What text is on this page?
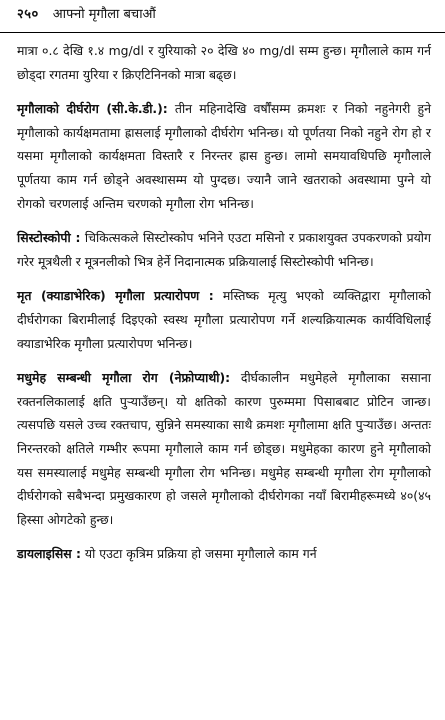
२५० आफ्नो मृगौला बचाऔं

मात्रा ०.८ देखि १.४ mg/dl र युरियाको २० देखि ४० mg/dl सम्म हुन्छ। मृगौलाले काम गर्न छोड्दा रगतमा युरिया र क्रिएटिनिनको मात्रा बढ्छ।

मृगौलाको दीर्घरोग (सी.के.डी.): तीन महिनादेखि वर्षौंसम्म क्रमशः र निको नहुनेगरी हुने मृगौलाको कार्यक्षमतामा ह्रासलाई मृगौलाको दीर्घरोग भनिन्छ। यो पूर्णतया निको नहुने रोग हो र यसमा मृगौलाको कार्यक्षमता विस्तारै र निरन्तर ह्रास हुन्छ। लामो समयावधिपछि मृगौलाले पूर्णतया काम गर्न छोड्ने अवस्थासम्म यो पुग्दछ। ज्यानै जाने खतराको अवस्थामा पुग्ने यो रोगको चरणलाई अन्तिम चरणको मृगौला रोग भनिन्छ।

सिस्टोस्कोपी : चिकित्सकले सिस्टोस्कोप भनिने एउटा मसिनो र प्रकाशयुक्त उपकरणको प्रयोग गरेर मूत्रथैली र मूत्रनलीको भित्र हेर्ने निदानात्मक प्रक्रियालाई सिस्टोस्कोपी भनिन्छ।

मृत (क्याडाभेरिक) मृगौला प्रत्यारोपण : मस्तिष्क मृत्यु भएको व्यक्तिद्वारा मृगौलाको दीर्घरोगका बिरामीलाई दिइएको स्वस्थ मृगौला प्रत्यारोपण गर्ने शल्यक्रियात्मक कार्यविधिलाई क्याडाभेरिक मृगौला प्रत्यारोपण भनिन्छ।

मधुमेह सम्बन्धी मृगौला रोग (नेफ्रोप्याथी): दीर्घकालीन मधुमेहले मृगौलाका ससाना रक्तनलिकालाई क्षति पुऱ्याउँछन्। यो क्षतिको कारण पुरुम्ममा पिसाबबाट प्रोटिन जान्छ। त्यसपछि यसले उच्च रक्तचाप, सुन्निने समस्याका साथै क्रमशः मृगौलामा क्षति पुऱ्याउँछ। अन्ततः निरन्तरको क्षतिले गम्भीर रूपमा मृगौलाले काम गर्न छोड्छ। मधुमेहका कारण हुने मृगौलाको यस समस्यालाई मधुमेह सम्बन्धी मृगौला रोग भनिन्छ। मधुमेह सम्बन्धी मृगौला रोग मृगौलाको दीर्घरोगको सबैभन्दा प्रमुखकारण हो जसले मृगौलाको दीर्घरोगका नयाँ बिरामीहरूमध्ये ४०(४५ हिस्सा ओगटेको हुन्छ।

डायलाइसिस : यो एउटा कृत्रिम प्रक्रिया हो जसमा मृगौलाले काम गर्न
